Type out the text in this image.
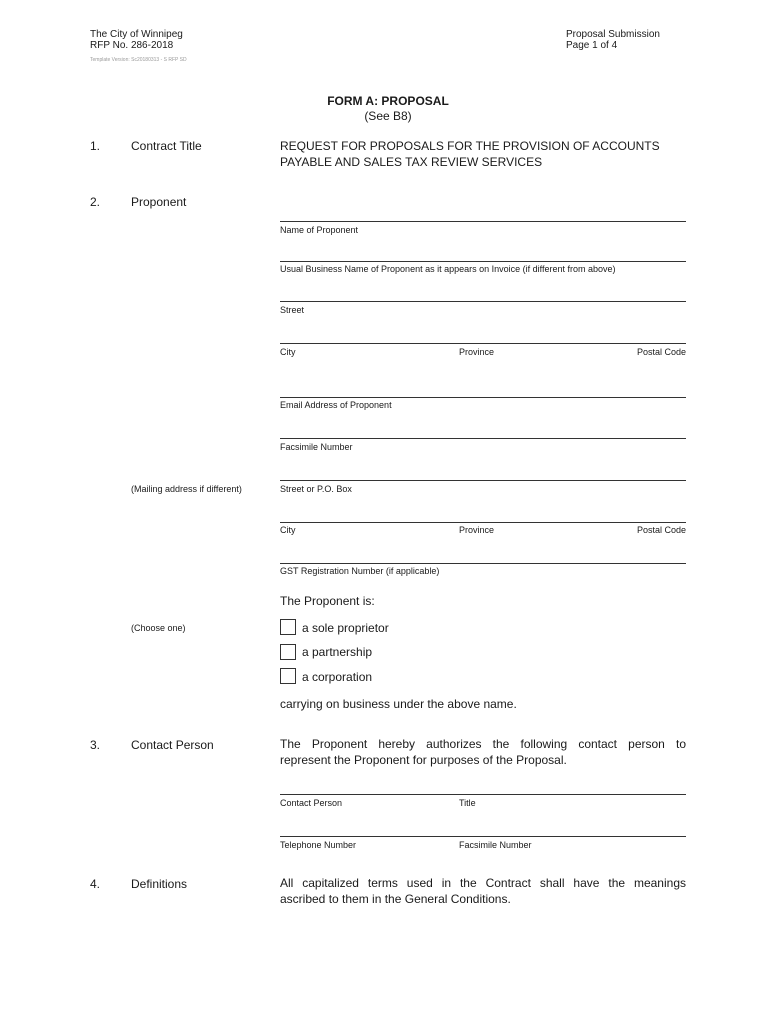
The City of Winnipeg
RFP No. 286-2018
Template Version: Sc20180313 - S RFP SD
Proposal Submission
Page 1 of 4
FORM A: PROPOSAL
(See B8)
1.	Contract Title	REQUEST FOR PROPOSALS FOR THE PROVISION OF ACCOUNTS
PAYABLE AND SALES TAX REVIEW SERVICES
2.	Proponent
Name of Proponent
Usual Business Name of Proponent as it appears on Invoice (if different from above)
Street
City	Province	Postal Code
Email Address of Proponent
Facsimile Number
(Mailing address if different)	Street or P.O. Box
City	Province	Postal Code
GST Registration Number (if applicable)
The Proponent is:
(Choose one)	a sole proprietor
a partnership
a corporation
carrying on business under the above name.
3.	Contact Person	The Proponent hereby authorizes the following contact person to
represent the Proponent for purposes of the Proposal.
Contact Person	Title
Telephone Number	Facsimile Number
4.	Definitions	All capitalized terms used in the Contract shall have the meanings
ascribed to them in the General Conditions.
